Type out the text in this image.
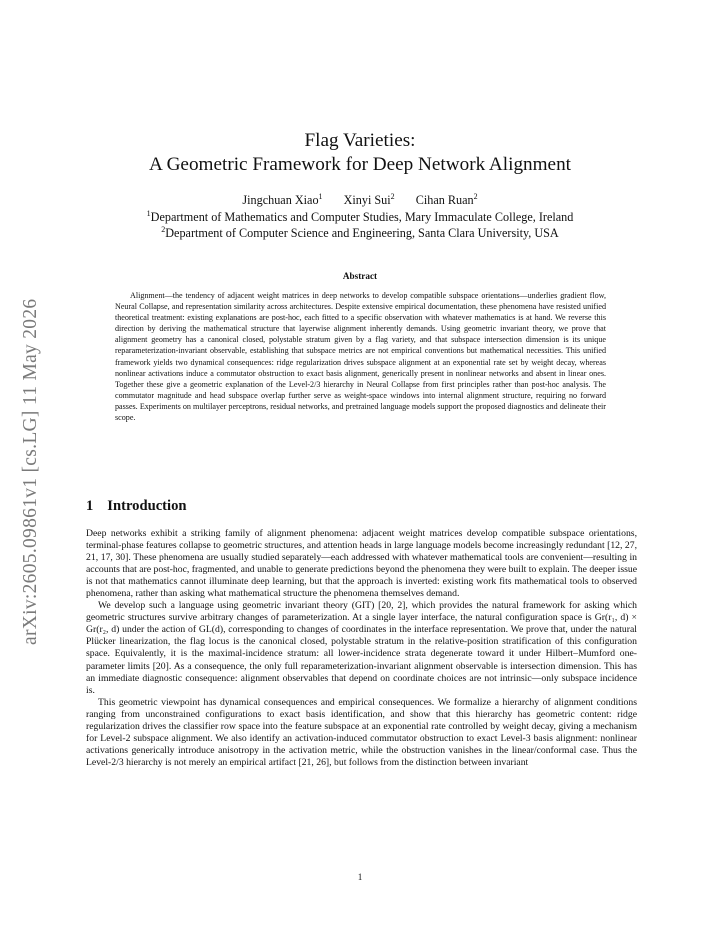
arXiv:2605.09861v1 [cs.LG] 11 May 2026
Flag Varieties:
A Geometric Framework for Deep Network Alignment
Jingchuan Xiao$^1$ Xinyi Sui$^2$ Cihan Ruan$^2$
$^1$Department of Mathematics and Computer Studies, Mary Immaculate College, Ireland
$^2$Department of Computer Science and Engineering, Santa Clara University, USA
Abstract
Alignment—the tendency of adjacent weight matrices in deep networks to develop compatible subspace orientations—underlies gradient flow, Neural Collapse, and representation similarity across architectures. Despite extensive empirical documentation, these phenomena have resisted unified theoretical treatment: existing explanations are post-hoc, each fitted to a specific observation with whatever mathematics is at hand. We reverse this direction by deriving the mathematical structure that layerwise alignment inherently demands. Using geometric invariant theory, we prove that alignment geometry has a canonical closed, polystable stratum given by a flag variety, and that subspace intersection dimension is its unique reparameterization-invariant observable, establishing that subspace metrics are not empirical conventions but mathematical necessities. This unified framework yields two dynamical consequences: ridge regularization drives subspace alignment at an exponential rate set by weight decay, whereas nonlinear activations induce a commutator obstruction to exact basis alignment, generically present in nonlinear networks and absent in linear ones. Together these give a geometric explanation of the Level-2/3 hierarchy in Neural Collapse from first principles rather than post-hoc analysis. The commutator magnitude and head subspace overlap further serve as weight-space windows into internal alignment structure, requiring no forward passes. Experiments on multilayer perceptrons, residual networks, and pretrained language models support the proposed diagnostics and delineate their scope.
1 Introduction

Deep networks exhibit a striking family of alignment phenomena: adjacent weight matrices develop compatible subspace orientations, terminal-phase features collapse to geometric structures, and attention heads in large language models become increasingly redundant [12, 27, 21, 17, 30]. These phenomena are usually studied separately—each addressed with whatever mathematical tools are convenient—resulting in accounts that are post-hoc, fragmented, and unable to generate predictions beyond the phenomena they were built to explain. The deeper issue is not that mathematics cannot illuminate deep learning, but that the approach is inverted: existing work fits mathematical tools to observed phenomena, rather than asking what mathematical structure the phenomena themselves demand.

We develop such a language using geometric invariant theory (GIT) [20, 2], which provides the natural framework for asking which geometric structures survive arbitrary changes of parameterization. At a single layer interface, the natural configuration space is Gr(r₁, d) × Gr(r₂, d) under the action of GL(d), corresponding to changes of coordinates in the interface representation. We prove that, under the natural Plücker linearization, the flag locus is the canonical closed, polystable stratum in the relative-position stratification of this configuration space. Equivalently, it is the maximal-incidence stratum: all lower-incidence strata degenerate toward it under Hilbert–Mumford one-parameter limits [20]. As a consequence, the only full reparameterization-invariant alignment observable is intersection dimension. This has an immediate diagnostic consequence: alignment observables that depend on coordinate choices are not intrinsic—only subspace incidence is.

This geometric viewpoint has dynamical consequences and empirical consequences. We formalize a hierarchy of alignment conditions ranging from unconstrained configurations to exact basis identification, and show that this hierarchy has geometric content: ridge regularization drives the classifier row space into the feature subspace at an exponential rate controlled by weight decay, giving a mechanism for Level-2 subspace alignment. We also identify an activation-induced commutator obstruction to exact Level-3 basis alignment: nonlinear activations generically introduce anisotropy in the activation metric, while the obstruction vanishes in the linear/conformal case. Thus the Level-2/3 hierarchy is not merely an empirical artifact [21, 26], but follows from the distinction between invariant

1
